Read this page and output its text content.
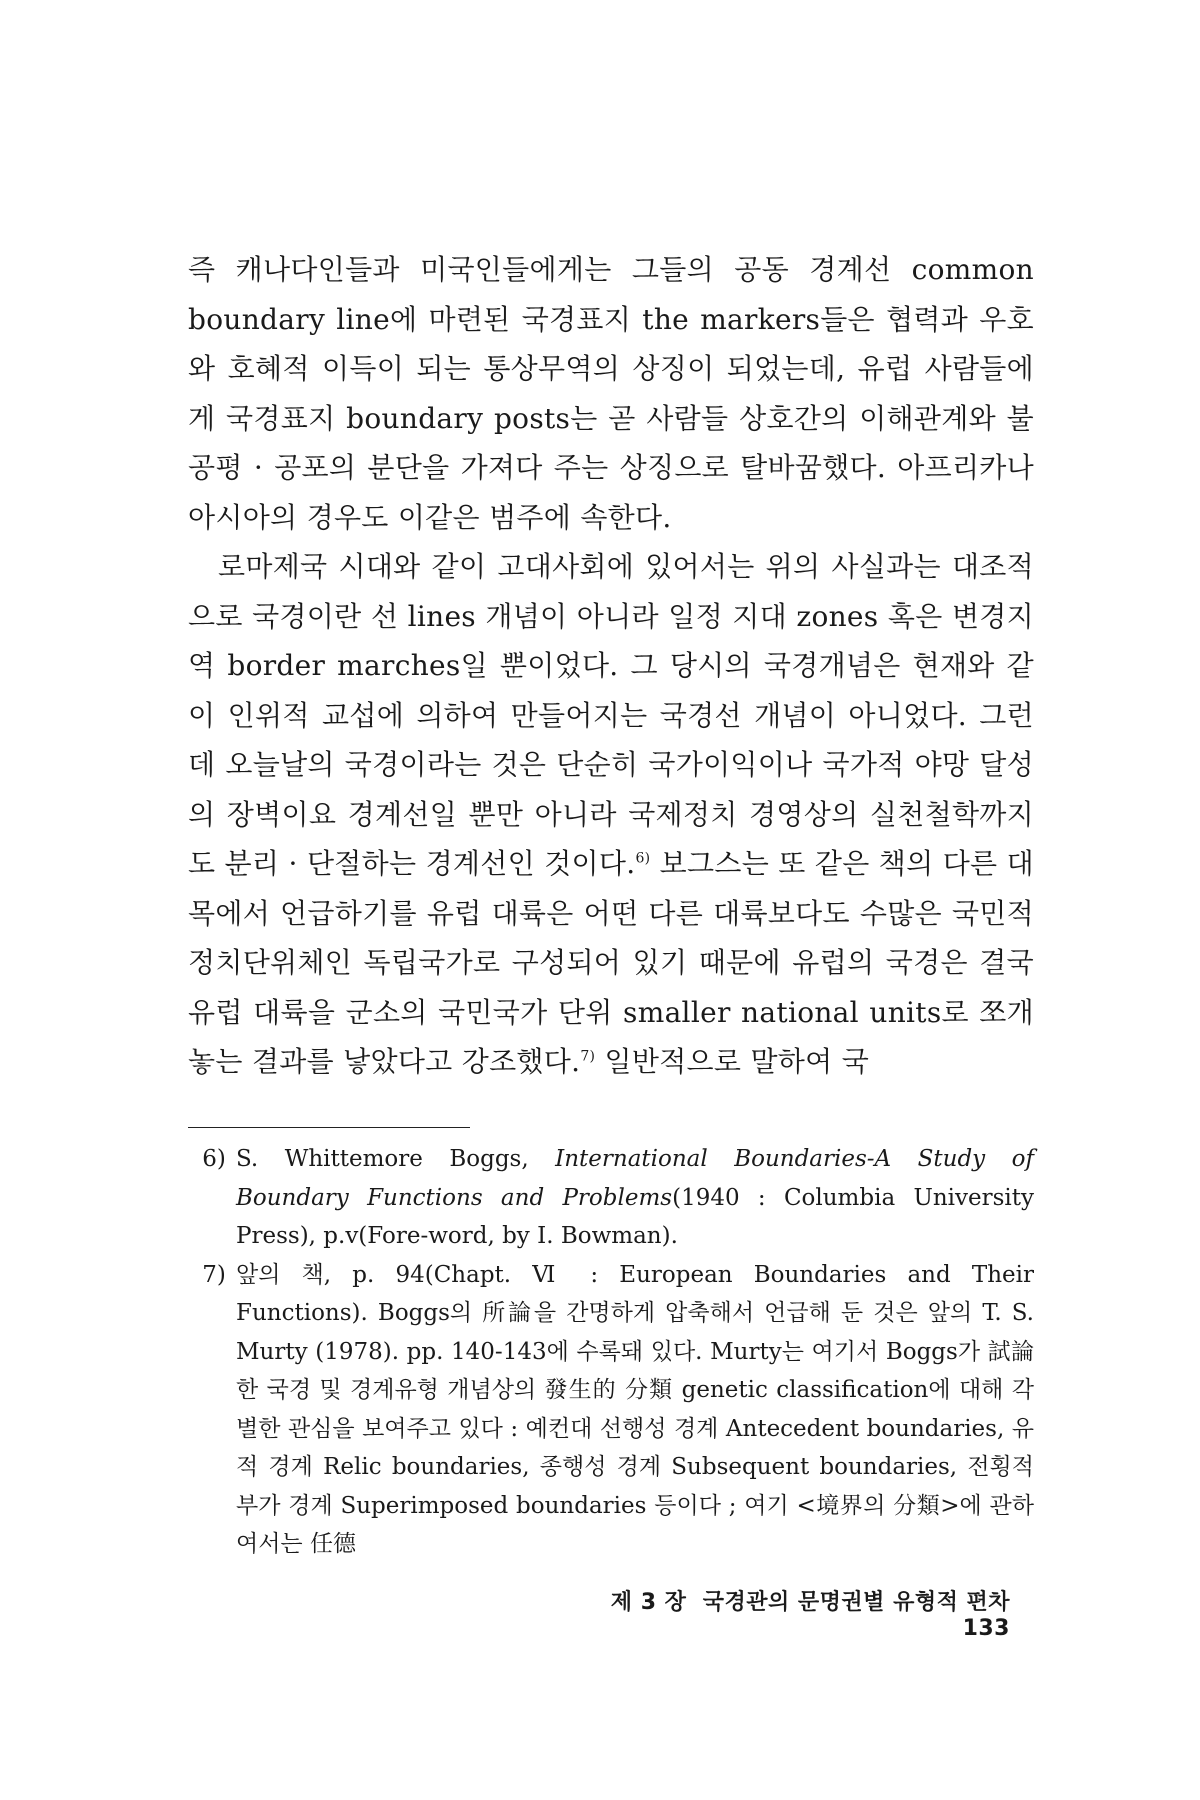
즉 캐나다인들과 미국인들에게는 그들의 공동 경계선 common boundary line에 마련된 국경표지 the markers들은 협력과 우호와 호혜적 이득이 되는 통상무역의 상징이 되었는데, 유럽 사람들에게 국경표지 boundary posts는 곧 사람들 상호간의 이해관계와 불공평 · 공포의 분단을 가져다 주는 상징으로 탈바꿈했다. 아프리카나 아시아의 경우도 이같은 범주에 속한다.

로마제국 시대와 같이 고대사회에 있어서는 위의 사실과는 대조적으로 국경이란 선 lines 개념이 아니라 일정 지대 zones 혹은 변경지역 border marches일 뿐이었다. 그 당시의 국경개념은 현재와 같이 인위적 교섭에 의하여 만들어지는 국경선 개념이 아니었다. 그런데 오늘날의 국경이라는 것은 단순히 국가이익이나 국가적 야망 달성의 장벽이요 경계선일 뿐만 아니라 국제정치 경영상의 실천철학까지도 분리 · 단절하는 경계선인 것이다.$^{6)}$ 보그스는 또 같은 책의 다른 대목에서 언급하기를 유럽 대륙은 어떤 다른 대륙보다도 수많은 국민적 정치단위체인 독립국가로 구성되어 있기 때문에 유럽의 국경은 결국 유럽 대륙을 군소의 국민국가 단위 smaller national units로 쪼개놓는 결과를 낳았다고 강조했다.$^{7)}$ 일반적으로 말하여 국

6) S. Whittemore Boggs, International Boundaries-A Study of Boundary Functions and Problems(1940 : Columbia University Press), p.v(Fore-word, by I. Bowman).

7) 앞의 책, p. 94(Chapt. Ⅵ : European Boundaries and Their Functions). Boggs의 所論을 간명하게 압축해서 언급해 둔 것은 앞의 T. S. Murty (1978). pp. 140-143에 수록돼 있다. Murty는 여기서 Boggs가 試論한 국경 및 경계유형 개념상의 發生的 分類 genetic classification에 대해 각별한 관심을 보여주고 있다 : 예컨대 선행성 경계 Antecedent boundaries, 유적 경계 Relic boundaries, 종행성 경계 Subsequent boundaries, 전횡적 부가 경계 Superimposed boundaries 등이다 ; 여기 <境界의 分類>에 관하여서는 任德

제 3 장  국경관의 문명권별 유형적 편차133
